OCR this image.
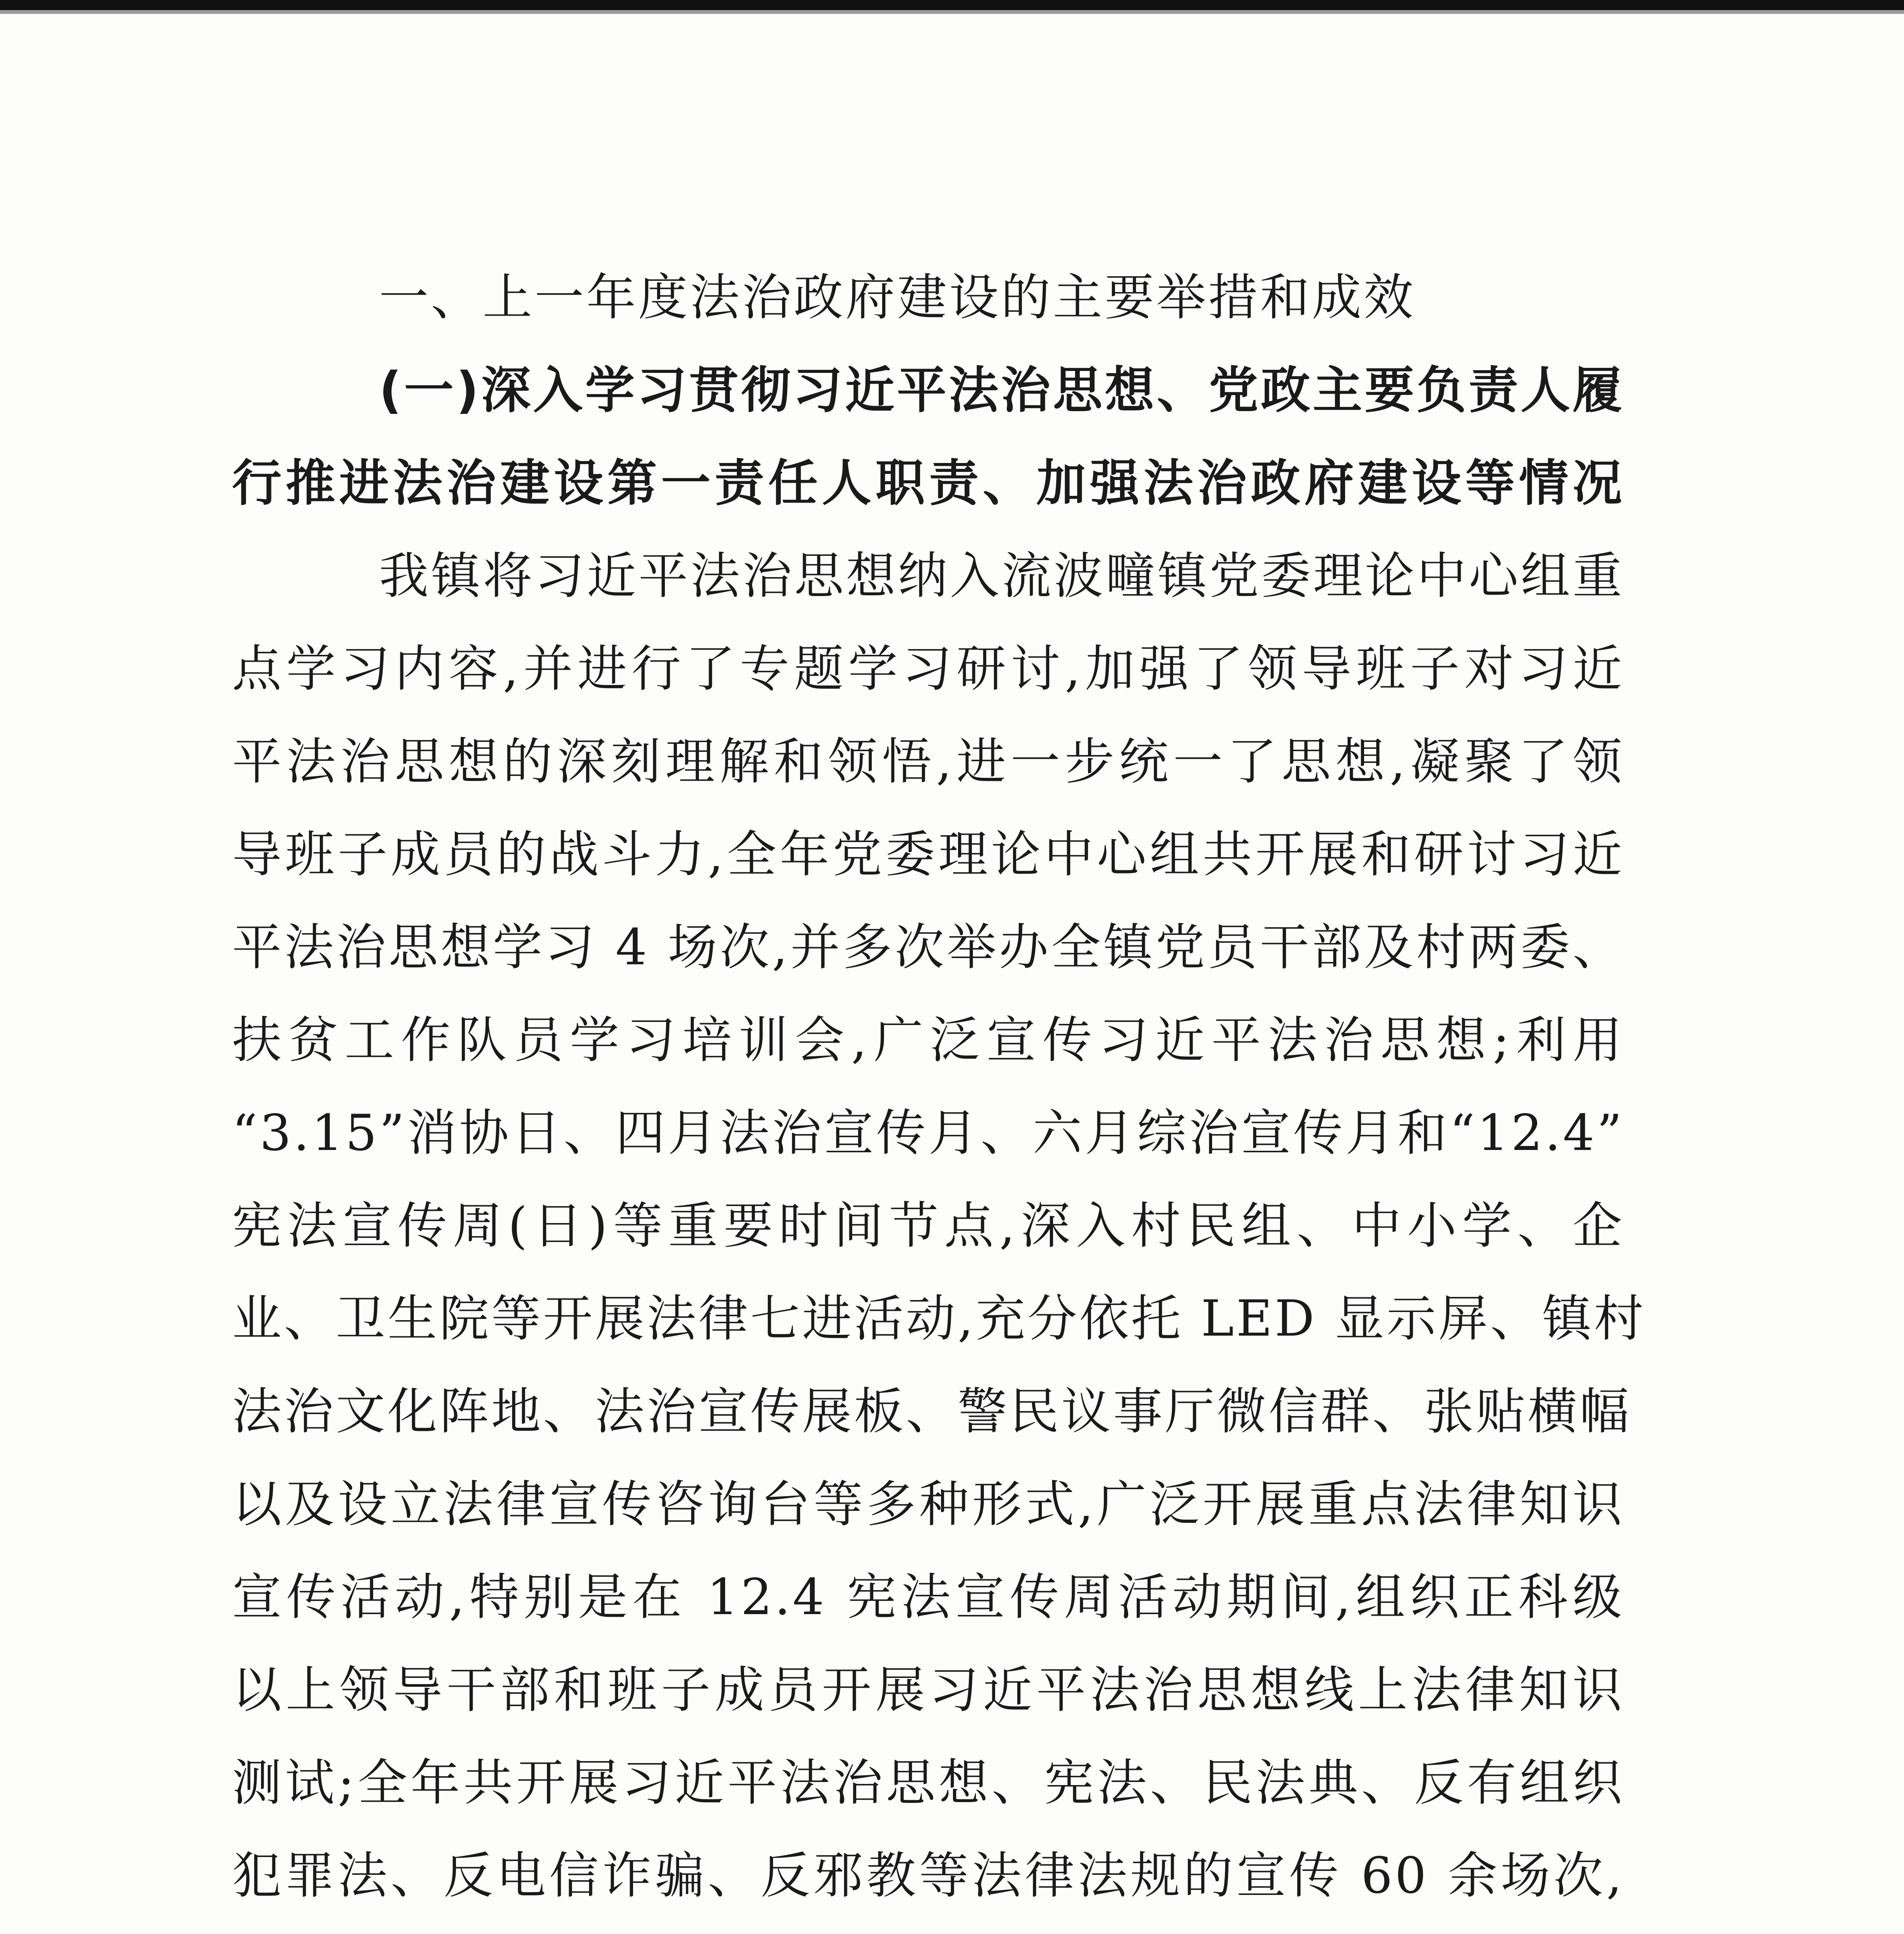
一、上一年度法治政府建设的主要举措和成效
(一)深入学习贯彻习近平法治思想、党政主要负责人履
行推进法治建设第一责任人职责、加强法治政府建设等情况
我镇将习近平法治思想纳入流波疃镇党委理论中心组重
点学习内容,并进行了专题学习研讨,加强了领导班子对习近
平法治思想的深刻理解和领悟,进一步统一了思想,凝聚了领
导班子成员的战斗力,全年党委理论中心组共开展和研讨习近
平法治思想学习 4 场次,并多次举办全镇党员干部及村两委、
扶贫工作队员学习培训会,广泛宣传习近平法治思想;利用
“3.15”消协日、四月法治宣传月、六月综治宣传月和“12.4”
宪法宣传周(日)等重要时间节点,深入村民组、中小学、企
业、卫生院等开展法律七进活动,充分依托 LED 显示屏、镇村
法治文化阵地、法治宣传展板、警民议事厅微信群、张贴横幅
以及设立法律宣传咨询台等多种形式,广泛开展重点法律知识
宣传活动,特别是在 12.4 宪法宣传周活动期间,组织正科级
以上领导干部和班子成员开展习近平法治思想线上法律知识
测试;全年共开展习近平法治思想、宪法、民法典、反有组织
犯罪法、反电信诈骗、反邪教等法律法规的宣传 60 余场次,
